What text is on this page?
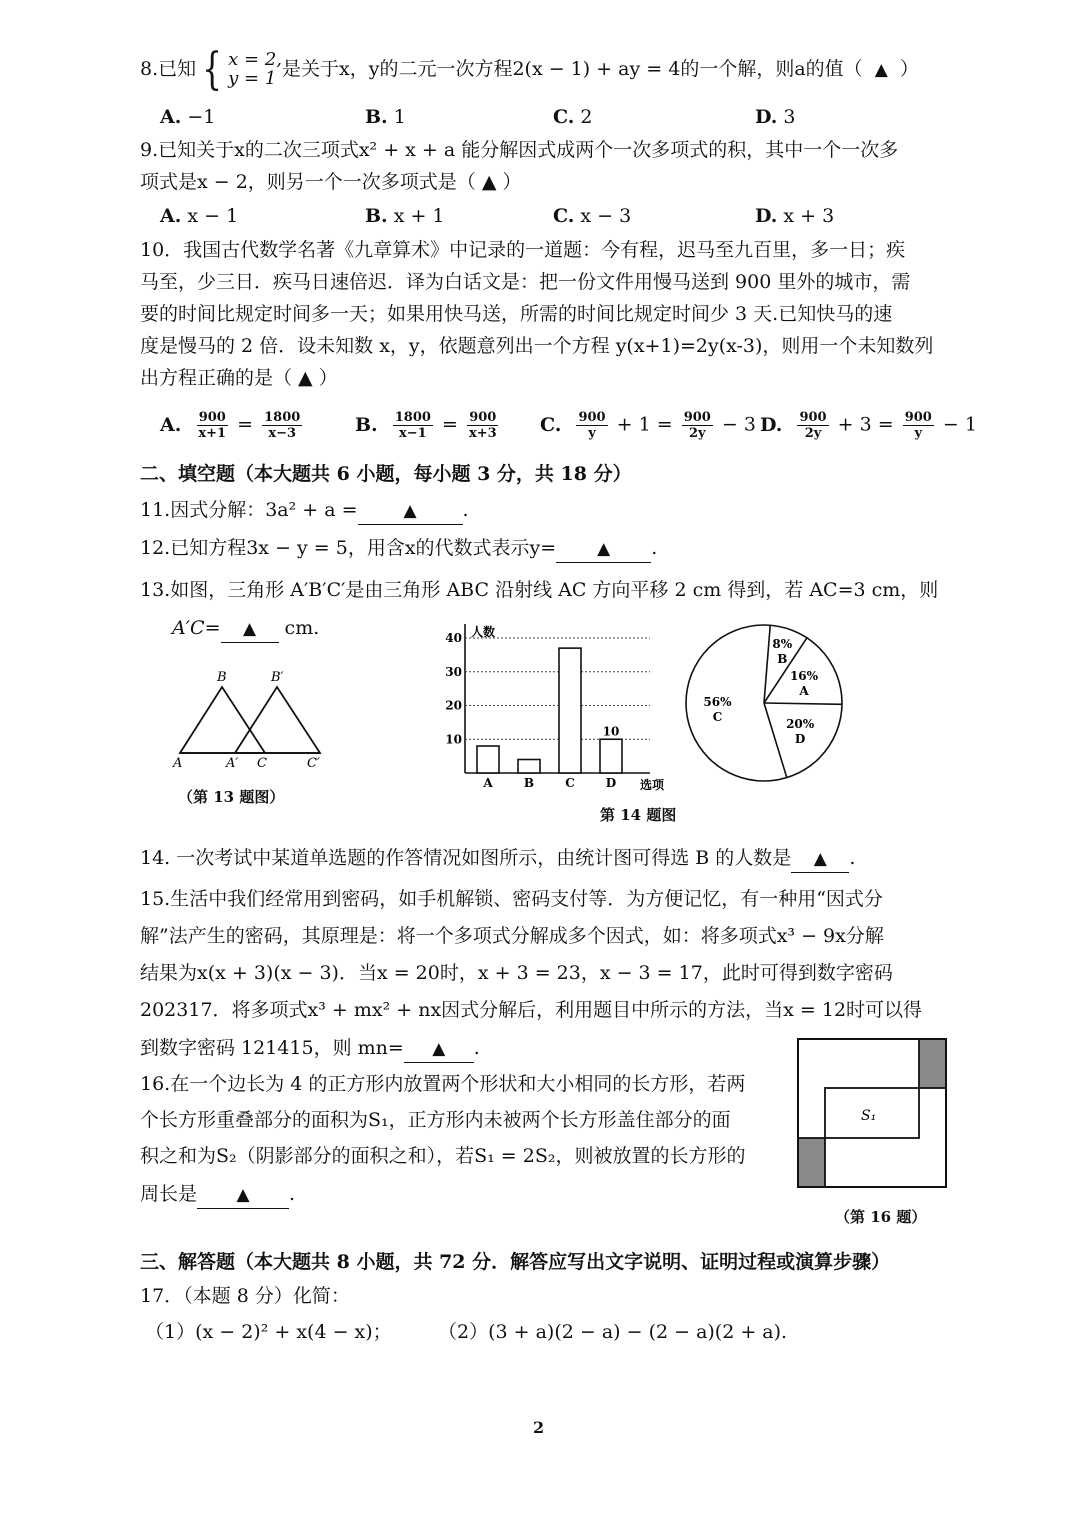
8.已知 { x = 2,
y = 1 是关于x，y的二元一次方程2(x − 1) + ay = 4的一个解，则a的值（ ▲ ）
A. −1	B. 1	C. 2	D. 3
9.已知关于x的二次三项式x² + x + a 能分解因式成两个一次多项式的积，其中一个一次多
项式是x − 2，则另一个一次多项式是（ ▲ ）
A. x − 1	B. x + 1	C. x − 3	D. x + 3
10．我国古代数学名著《九章算术》中记录的一道题：今有程，迟马至九百里，多一日；疾
马至，少三日．疾马日速倍迟．译为白话文是：把一份文件用慢马送到 900 里外的城市，需
要的时间比规定时间多一天；如果用快马送，所需的时间比规定时间少 3 天.已知快马的速
度是慢马的 2 倍．设未知数 x，y，依题意列出一个方程 y(x+1)=2y(x-3)，则用一个未知数列
出方程正确的是（ ▲ ）
A. $\frac{900}{x+1} = \frac{1800}{x-3}$	B. $\frac{1800}{x-1} = \frac{900}{x+3} C$. $\frac{900}{y} + 1 = \frac{900}{2y} - 3$ D. $\frac{900}{2y} + 3 = \frac{900}{y} - 1$
二、填空题（本大题共 6 小题，每小题 3 分，共 18 分）
11.因式分解：3a² + a =	▲ .
12.已知方程3x − y = 5，用含x的代数式表示y= ▲ .
13.如图，三角形 A′B′C′是由三角形 ABC 沿射线 AC 方向平移 2 cm 得到，若 AC=3 cm，则
A′C= ▲ cm.
B	B′
A	A′ C	C′
（第 13 题图）
10
20
30
40 人数
A	B	C	D
10
选项
8%
B
16%
A
20%
D
56%
C
第 14 题图
14. 一次考试中某道单选题的作答情况如图所示，由统计图可得选 B 的人数是 ▲ .
15.生活中我们经常用到密码，如手机解锁、密码支付等．为方便记忆，有一种用“因式分
解”法产生的密码，其原理是：将一个多项式分解成多个因式，如：将多项式x³ − 9x分解
结果为x(x + 3)(x − 3)．当x = 20时，x + 3 = 23，x − 3 = 17，此时可得到数字密码
202317．将多项式x³ + mx² + nx因式分解后，利用题目中所示的方法，当x = 12时可以得
到数字密码 121415，则 mn= ▲ .
16.在一个边长为 4 的正方形内放置两个形状和大小相同的长方形，若两
个长方形重叠部分的面积为S₁，正方形内未被两个长方形盖住部分的面
积之和为S₂（阴影部分的面积之和），若S₁ = 2S₂，则被放置的长方形的
周长是 ▲ .
S₁
（第 16 题）
三、解答题（本大题共 8 小题，共 72 分．解答应写出文字说明、证明过程或演算步骤）
17．（本题 8 分）化简：
（1）(x − 2)² + x(4 − x)； （2）(3 + a)(2 − a) − (2 − a)(2 + a).
2
